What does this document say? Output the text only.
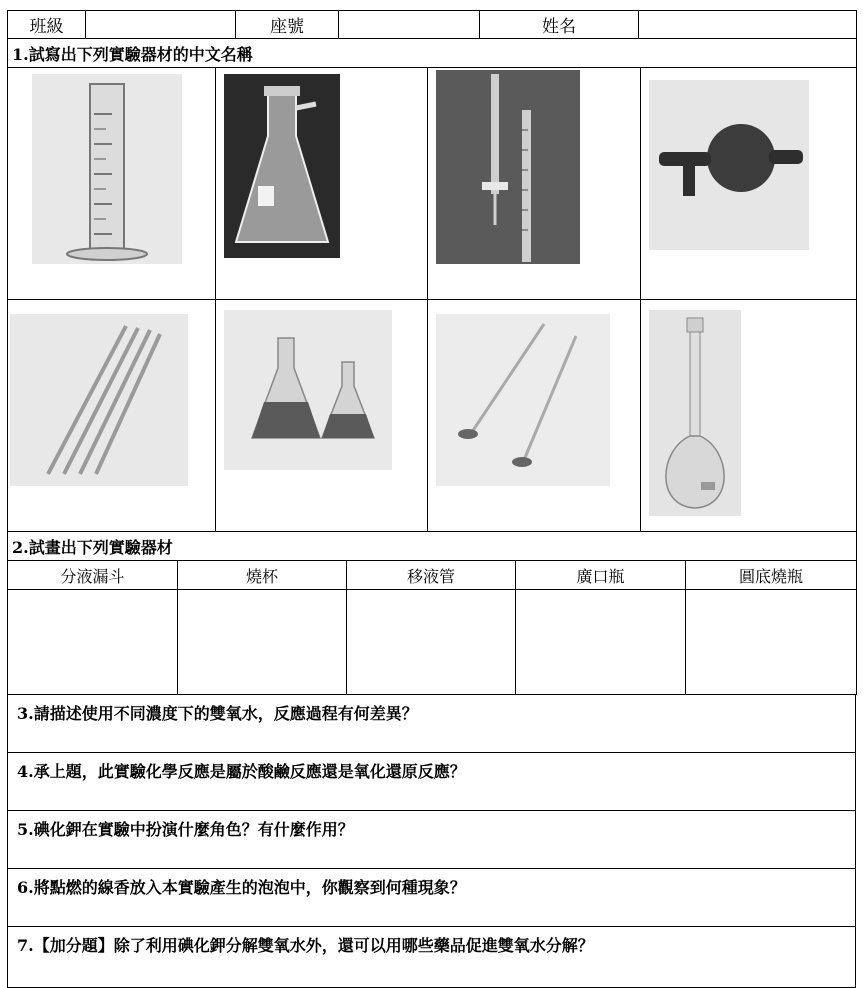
班級		座號		姓名	
1.試寫出下列實驗器材的中文名稱			

2.試畫出下列實驗器材				
分液漏斗	燒杯	移液管	廣口瓶	圓底燒瓶

3.請描述使用不同濃度下的雙氧水，反應過程有何差異？
4.承上題，此實驗化學反應是屬於酸鹼反應還是氧化還原反應？
5.碘化鉀在實驗中扮演什麼角色？有什麼作用？
6.將點燃的線香放入本實驗產生的泡泡中，你觀察到何種現象？
7.【加分題】除了利用碘化鉀分解雙氧水外，還可以用哪些藥品促進雙氧水分解？
